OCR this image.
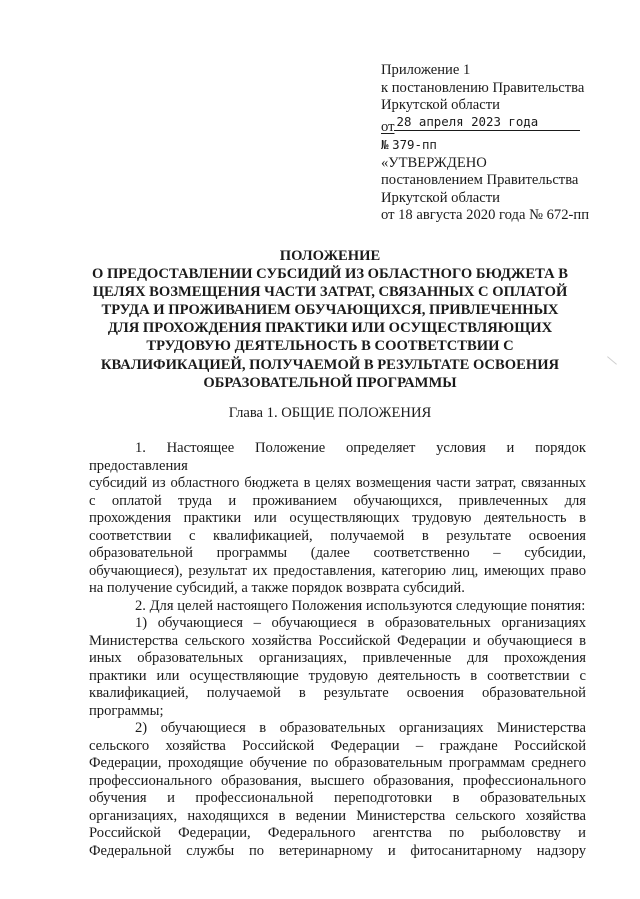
Приложение 1
к постановлению Правительства
Иркутской области
от 28 апреля 2023 года
№ 379-пп
«УТВЕРЖДЕНО
постановлением Правительства
Иркутской области
от 18 августа 2020 года № 672-пп
ПОЛОЖЕНИЕ
О ПРЕДОСТАВЛЕНИИ СУБСИДИЙ ИЗ ОБЛАСТНОГО БЮДЖЕТА В
ЦЕЛЯХ ВОЗМЕЩЕНИЯ ЧАСТИ ЗАТРАТ, СВЯЗАННЫХ С ОПЛАТОЙ
ТРУДА И ПРОЖИВАНИЕМ ОБУЧАЮЩИХСЯ, ПРИВЛЕЧЕННЫХ
ДЛЯ ПРОХОЖДЕНИЯ ПРАКТИКИ ИЛИ ОСУЩЕСТВЛЯЮЩИХ
ТРУДОВУЮ ДЕЯТЕЛЬНОСТЬ В СООТВЕТСТВИИ С
КВАЛИФИКАЦИЕЙ, ПОЛУЧАЕМОЙ В РЕЗУЛЬТАТЕ ОСВОЕНИЯ
ОБРАЗОВАТЕЛЬНОЙ ПРОГРАММЫ
Глава 1. ОБЩИЕ ПОЛОЖЕНИЯ

1. Настоящее Положение определяет условия и порядок предоставления
субсидий из областного бюджета в целях возмещения части затрат, связанных
с оплатой труда и проживанием обучающихся, привлеченных для
прохождения практики или осуществляющих трудовую деятельность в
соответствии с квалификацией, получаемой в результате освоения
образовательной программы (далее соответственно – субсидии,
обучающиеся), результат их предоставления, категорию лиц, имеющих право
на получение субсидий, а также порядок возврата субсидий.

2. Для целей настоящего Положения используются следующие понятия:

1) обучающиеся – обучающиеся в образовательных организациях
Министерства сельского хозяйства Российской Федерации и обучающиеся в
иных образовательных организациях, привлеченные для прохождения
практики или осуществляющие трудовую деятельность в соответствии с
квалификацией, получаемой в результате освоения образовательной
программы;

2) обучающиеся в образовательных организациях Министерства
сельского хозяйства Российской Федерации – граждане Российской
Федерации, проходящие обучение по образовательным программам среднего
профессионального образования, высшего образования, профессионального
обучения и профессиональной переподготовки в образовательных
организациях, находящихся в ведении Министерства сельского хозяйства
Российской Федерации, Федерального агентства по рыболовству и
Федеральной службы по ветеринарному и фитосанитарному надзору
